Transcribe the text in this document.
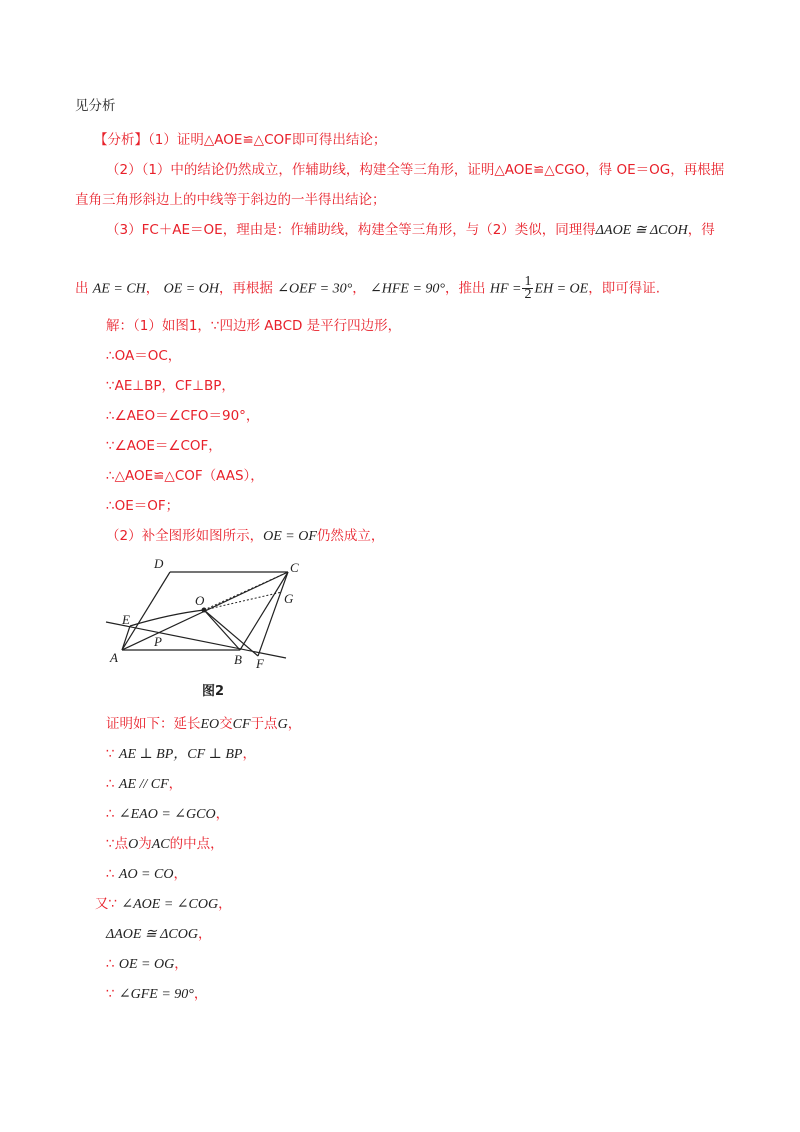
见分析
【分析】（1）证明△AOE≌△COF即可得出结论；
（2）（1）中的结论仍然成立，作辅助线，构建全等三角形，证明△AOE≌△CGO，得 OE＝OG，再根据
直角三角形斜边上的中线等于斜边的一半得出结论；
（3）FC＋AE＝OE，理由是：作辅助线，构建全等三角形，与（2）类似，同理得ΔAOE ≅ ΔCOH，得
出 AE = CH， OE = OH，再根据 ∠OEF = 30°， ∠HFE = 90°，推出 HF = $\frac{1}{2}$ EH = OE，即可得证.
解：（1）如图1，∵四边形 ABCD 是平行四边形，
∴OA＝OC，
∵AE⊥BP，CF⊥BP，
∴∠AEO＝∠CFO＝90°，
∵∠AOE＝∠COF，
∴△AOE≌△COF（AAS），
∴OE＝OF；
（2）补全图形如图所示，OE = OF仍然成立，
D	C
O	G
E
P
A	B F
图2
证明如下：延长EO交CF于点G，
∵ AE ⊥ BP，CF ⊥ BP，
∴ AE // CF，
∴ ∠EAO = ∠GCO，
∵点O为AC的中点，
∴ AO = CO，
又∵ ∠AOE = ∠COG，
ΔAOE ≅ ΔCOG，
∴ OE = OG，
∵ ∠GFE = 90°，
